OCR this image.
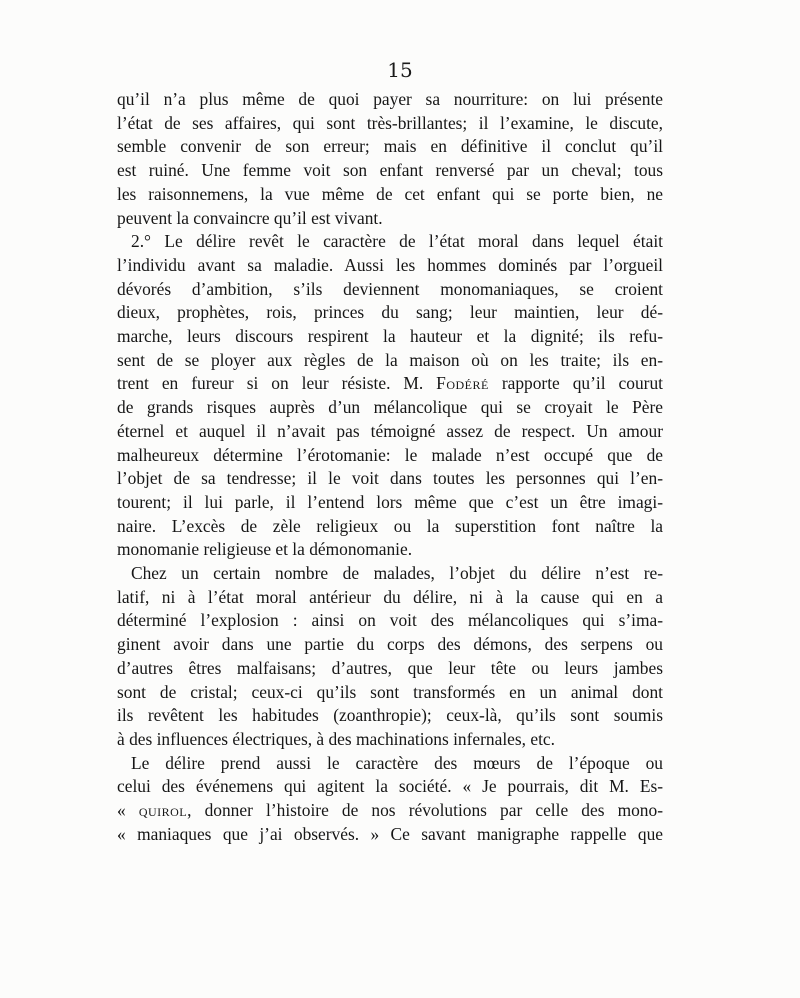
15
qu’il n’a plus même de quoi payer sa nourriture: on lui présente
l’état de ses affaires, qui sont très-brillantes; il l’examine, le discute,
semble convenir de son erreur; mais en définitive il conclut qu’il
est ruiné. Une femme voit son enfant renversé par un cheval; tous
les raisonnemens, la vue même de cet enfant qui se porte bien, ne
peuvent la convaincre qu’il est vivant.
2.° Le délire revêt le caractère de l’état moral dans lequel était
l’individu avant sa maladie. Aussi les hommes dominés par l’orgueil
dévorés d’ambition, s’ils deviennent monomaniaques, se croient
dieux, prophètes, rois, princes du sang; leur maintien, leur dé-
marche, leurs discours respirent la hauteur et la dignité; ils refu-
sent de se ployer aux règles de la maison où on les traite; ils en-
trent en fureur si on leur résiste. M. Fodéré rapporte qu’il courut
de grands risques auprès d’un mélancolique qui se croyait le Père
éternel et auquel il n’avait pas témoigné assez de respect. Un amour
malheureux détermine l’érotomanie: le malade n’est occupé que de
l’objet de sa tendresse; il le voit dans toutes les personnes qui l’en-
tourent; il lui parle, il l’entend lors même que c’est un être imagi-
naire. L’excès de zèle religieux ou la superstition font naître la
monomanie religieuse et la démonomanie.
Chez un certain nombre de malades, l’objet du délire n’est re-
latif, ni à l’état moral antérieur du délire, ni à la cause qui en a
déterminé l’explosion : ainsi on voit des mélancoliques qui s’ima-
ginent avoir dans une partie du corps des démons, des serpens ou
d’autres êtres malfaisans; d’autres, que leur tête ou leurs jambes
sont de cristal; ceux-ci qu’ils sont transformés en un animal dont
ils revêtent les habitudes (zoanthropie); ceux-là, qu’ils sont soumis
à des influences électriques, à des machinations infernales, etc.
Le délire prend aussi le caractère des mœurs de l’époque ou
celui des événemens qui agitent la société. « Je pourrais, dit M. Es-
« quirol, donner l’histoire de nos révolutions par celle des mono-
« maniaques que j’ai observés. » Ce savant manigraphe rappelle que
